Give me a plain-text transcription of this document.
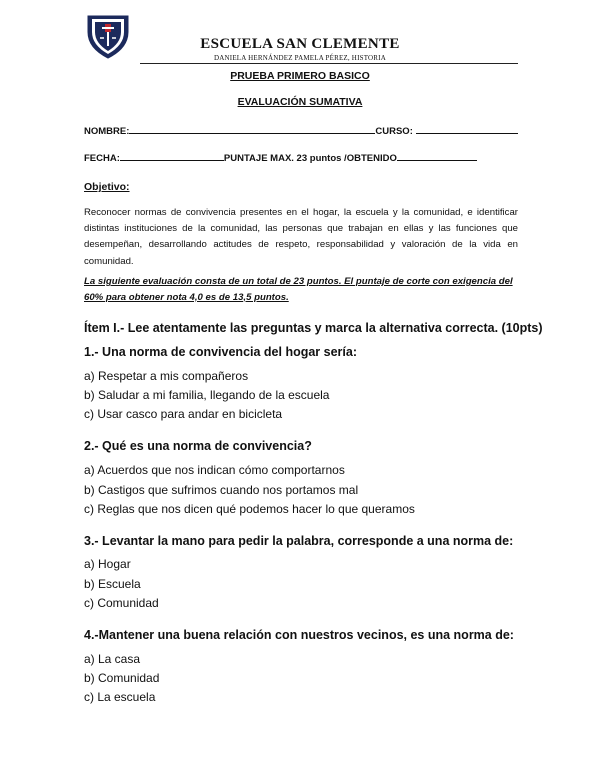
ESCUELA SAN CLEMENTE
DANIELA HERNÁNDEZ PAMELA PÉREZ, HISTORIA
PRUEBA PRIMERO BASICO
EVALUACIÓN SUMATIVA
NOMBRE:	CURSO:
FECHA:	PUNTAJE MAX. 23 puntos /OBTENIDO
Objetivo:
Reconocer normas de convivencia presentes en el hogar, la escuela y la comunidad, e identificar distintas instituciones de la comunidad, las personas que trabajan en ellas y las funciones que desempeñan, desarrollando actitudes de respeto, responsabilidad y valoración de la vida en comunidad.
La siguiente evaluación consta de un total de 23 puntos. El puntaje de corte con exigencia del 60% para obtener nota 4,0 es de 13,5 puntos.
Ítem I.- Lee atentamente las preguntas y marca la alternativa correcta. (10pts)
1.- Una norma de convivencia del hogar sería:
a) Respetar a mis compañeros
b) Saludar a mi familia, llegando de la escuela
c) Usar casco para andar en bicicleta
2.- Qué es una norma de convivencia?
a) Acuerdos que nos indican cómo comportarnos
b) Castigos que sufrimos cuando nos portamos mal
c) Reglas que nos dicen qué podemos hacer lo que queramos
3.- Levantar la mano para pedir la palabra, corresponde a una norma de:
a) Hogar
b) Escuela
c) Comunidad
4.-Mantener una buena relación con nuestros vecinos, es una norma de:
a) La casa
b) Comunidad
c) La escuela
